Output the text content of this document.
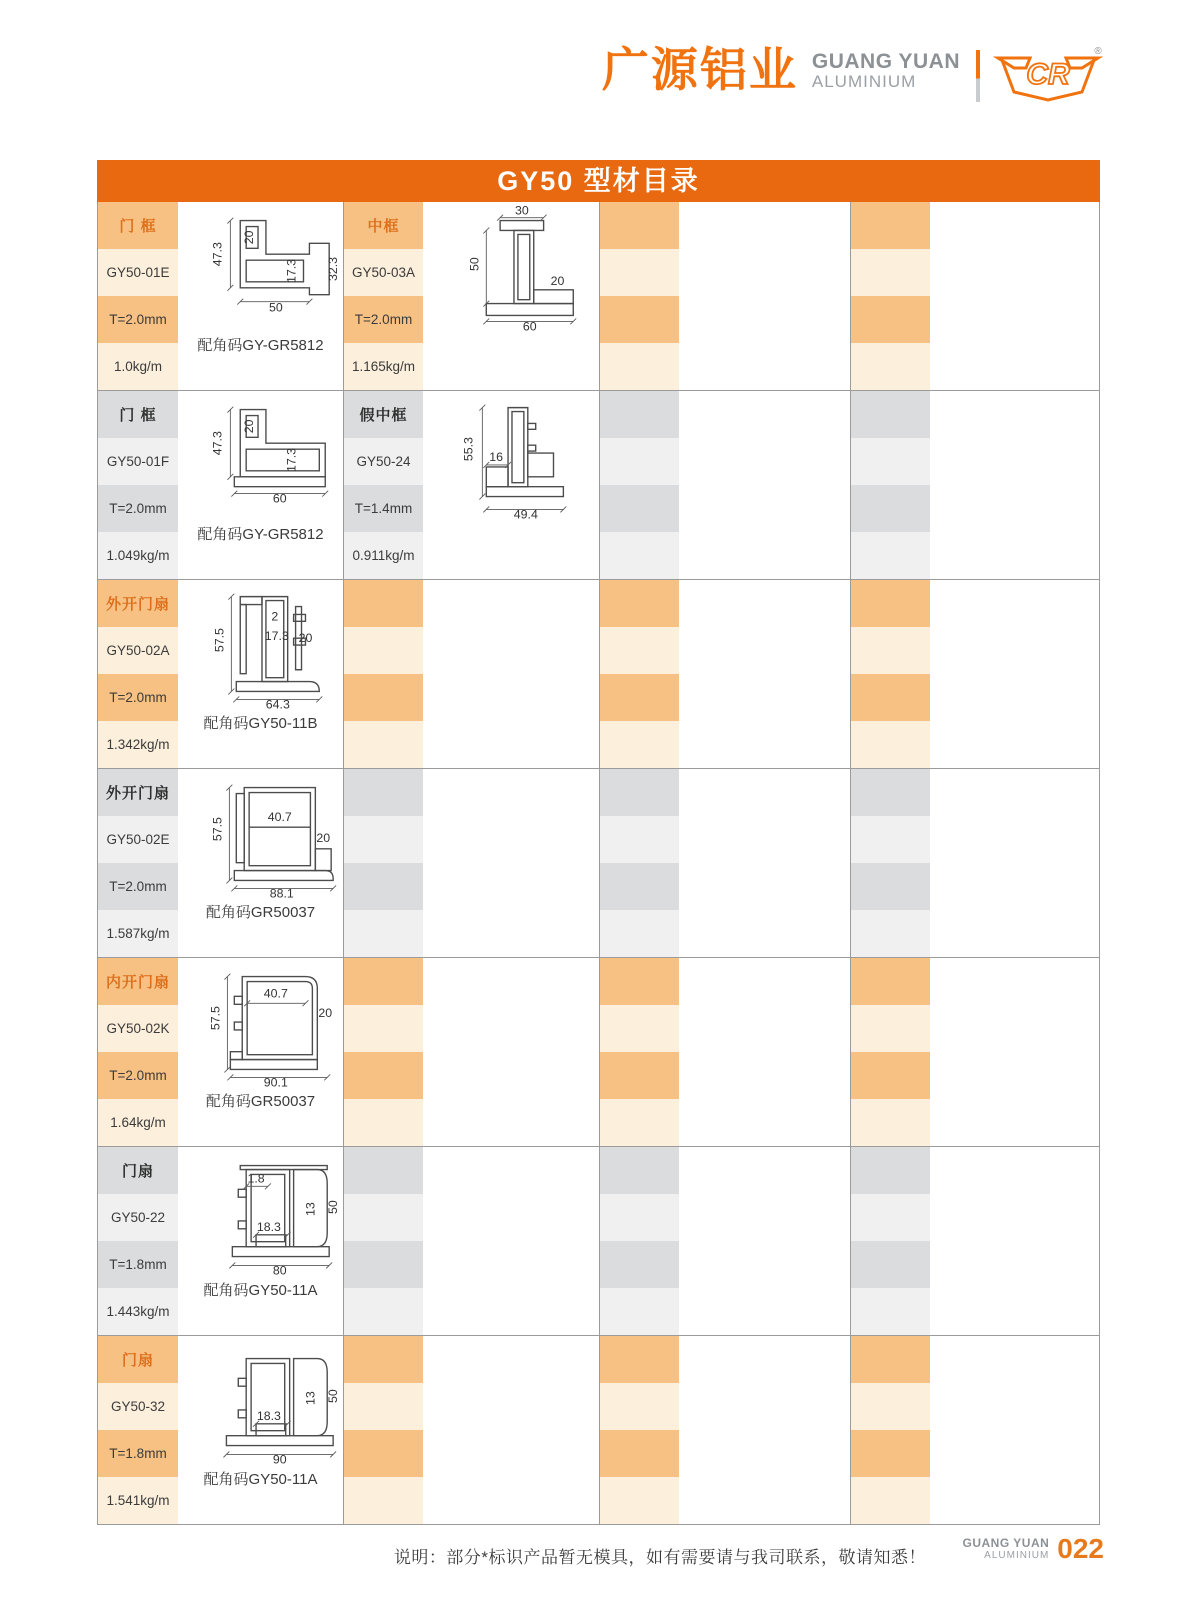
广源铝业 GUANG YUAN
ALUMINIUM	CR
®
GY50 型材目录
门 框
GY50-01E
T=2.0mm
1.0kg/m
47.3
20
17.3 32.3
50
配角码GY-GR5812
中框
GY50-03A
T=2.0mm
1.165kg/m
30
50
20
60
门 框
GY50-01F
T=2.0mm
1.049kg/m
47.3
20
17.3
60
配角码GY-GR5812
假中框
GY50-24
T=1.4mm
0.911kg/m
55.3 16
49.4
外开门扇
GY50-02A
T=2.0mm
1.342kg/m
57.5
2
17.3 20
64.3
配角码GY50-11B
外开门扇
GY50-02E
T=2.0mm
1.587kg/m
57.5	40.7
20
88.1
配角码GR50037
内开门扇
GY50-02K
T=2.0mm
1.64kg/m
57.5
40.7
20
90.1
配角码GR50037
门扇
GY50-22
T=1.8mm
1.443kg/m
1.8
18.3
13 50
80
配角码GY50-11A
门扇
GY50-32
T=1.8mm
1.541kg/m
18.3
13 50
90
配角码GY50-11A
说明：部分*标识产品暂无模具，如有需要请与我司联系，敬请知悉！
GUANG YUAN
ALUMINIUM 022
